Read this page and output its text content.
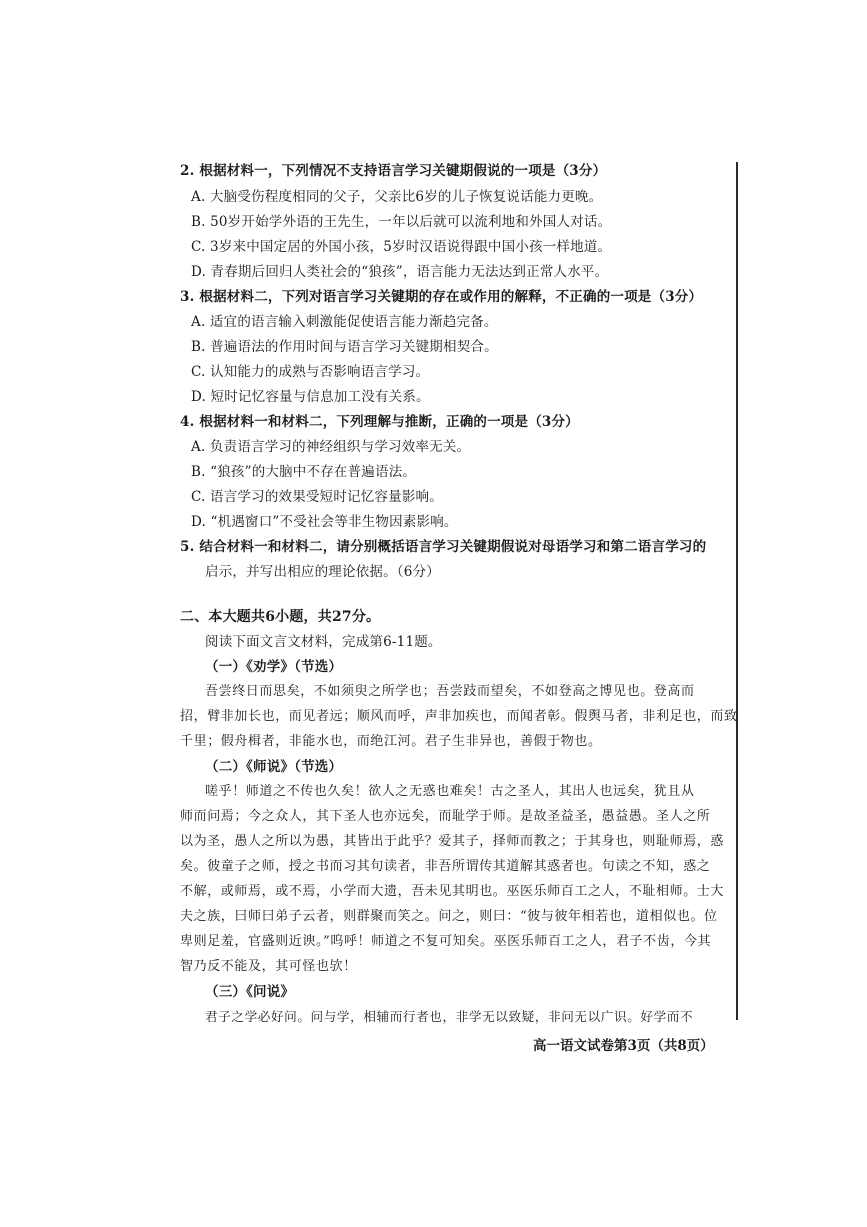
2. 根据材料一，下列情况不支持语言学习关键期假说的一项是（3分）
A. 大脑受伤程度相同的父子，父亲比6岁的儿子恢复说话能力更晚。
B. 50岁开始学外语的王先生，一年以后就可以流利地和外国人对话。
C. 3岁来中国定居的外国小孩，5岁时汉语说得跟中国小孩一样地道。
D. 青春期后回归人类社会的“狼孩”，语言能力无法达到正常人水平。
3. 根据材料二，下列对语言学习关键期的存在或作用的解释，不正确的一项是（3分）
A. 适宜的语言输入刺激能促使语言能力渐趋完备。
B. 普遍语法的作用时间与语言学习关键期相契合。
C. 认知能力的成熟与否影响语言学习。
D. 短时记忆容量与信息加工没有关系。
4. 根据材料一和材料二，下列理解与推断，正确的一项是（3分）
A. 负责语言学习的神经组织与学习效率无关。
B. “狼孩”的大脑中不存在普遍语法。
C. 语言学习的效果受短时记忆容量影响。
D. “机遇窗口”不受社会等非生物因素影响。
5. 结合材料一和材料二，请分别概括语言学习关键期假说对母语学习和第二语言学习的
启示，并写出相应的理论依据。（6分）
二、本大题共6小题，共27分。
阅读下面文言文材料，完成第6-11题。
（一）《劝学》（节选）
吾尝终日而思矣，不如须臾之所学也；吾尝跂而望矣，不如登高之博见也。登高而
招，臂非加长也，而见者远；顺风而呼，声非加疾也，而闻者彰。假舆马者，非利足也，而致
千里；假舟楫者，非能水也，而绝江河。君子生非异也，善假于物也。
（二）《师说》（节选）
嗟乎！师道之不传也久矣！欲人之无惑也难矣！古之圣人，其出人也远矣，犹且从
师而问焉；今之众人，其下圣人也亦远矣，而耻学于师。是故圣益圣，愚益愚。圣人之所
以为圣，愚人之所以为愚，其皆出于此乎？爱其子，择师而教之；于其身也，则耻师焉，惑
矣。彼童子之师，授之书而习其句读者，非吾所谓传其道解其惑者也。句读之不知，惑之
不解，或师焉，或不焉，小学而大遗，吾未见其明也。巫医乐师百工之人，不耻相师。士大
夫之族，曰师曰弟子云者，则群聚而笑之。问之，则曰：“彼与彼年相若也，道相似也。位
卑则足羞，官盛则近谀。”呜呼！师道之不复可知矣。巫医乐师百工之人，君子不齿，今其
智乃反不能及，其可怪也欤！
（三）《问说》
君子之学必好问。问与学，相辅而行者也，非学无以致疑，非问无以广识。好学而不
高一语文试卷第3页（共8页）
